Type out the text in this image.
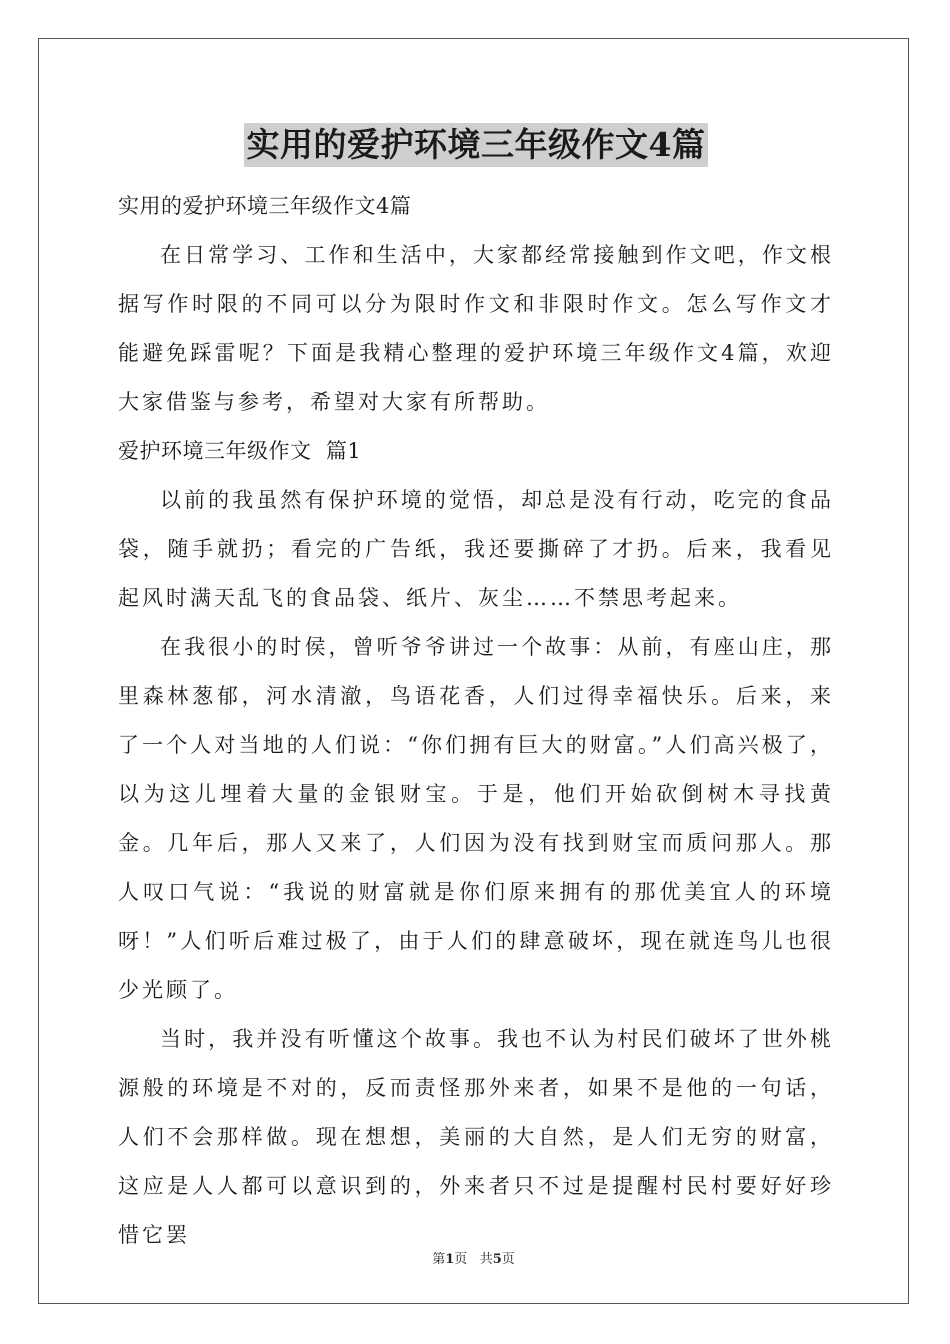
实用的爱护环境三年级作文4篇

实用的爱护环境三年级作文4篇

在日常学习、工作和生活中，大家都经常接触到作文吧，作文根据写作时限的不同可以分为限时作文和非限时作文。怎么写作文才能避免踩雷呢？下面是我精心整理的爱护环境三年级作文4篇，欢迎大家借鉴与参考，希望对大家有所帮助。

爱护环境三年级作文  篇1

以前的我虽然有保护环境的觉悟，却总是没有行动，吃完的食品袋，随手就扔；看完的广告纸，我还要撕碎了才扔。后来，我看见起风时满天乱飞的食品袋、纸片、灰尘……不禁思考起来。

在我很小的时侯，曾听爷爷讲过一个故事：从前，有座山庄，那里森林葱郁，河水清澈，鸟语花香，人们过得幸福快乐。后来，来了一个人对当地的人们说：“你们拥有巨大的财富。”人们高兴极了，以为这儿埋着大量的金银财宝。于是，他们开始砍倒树木寻找黄金。几年后，那人又来了，人们因为没有找到财宝而质问那人。那人叹口气说：“我说的财富就是你们原来拥有的那优美宜人的环境呀！”人们听后难过极了，由于人们的肆意破坏，现在就连鸟儿也很少光顾了。

当时，我并没有听懂这个故事。我也不认为村民们破坏了世外桃源般的环境是不对的，反而责怪那外来者，如果不是他的一句话，人们不会那样做。现在想想，美丽的大自然，是人们无穷的财富，这应是人人都可以意识到的，外来者只不过是提醒村民村要好好珍惜它罢

第1页 共5页
